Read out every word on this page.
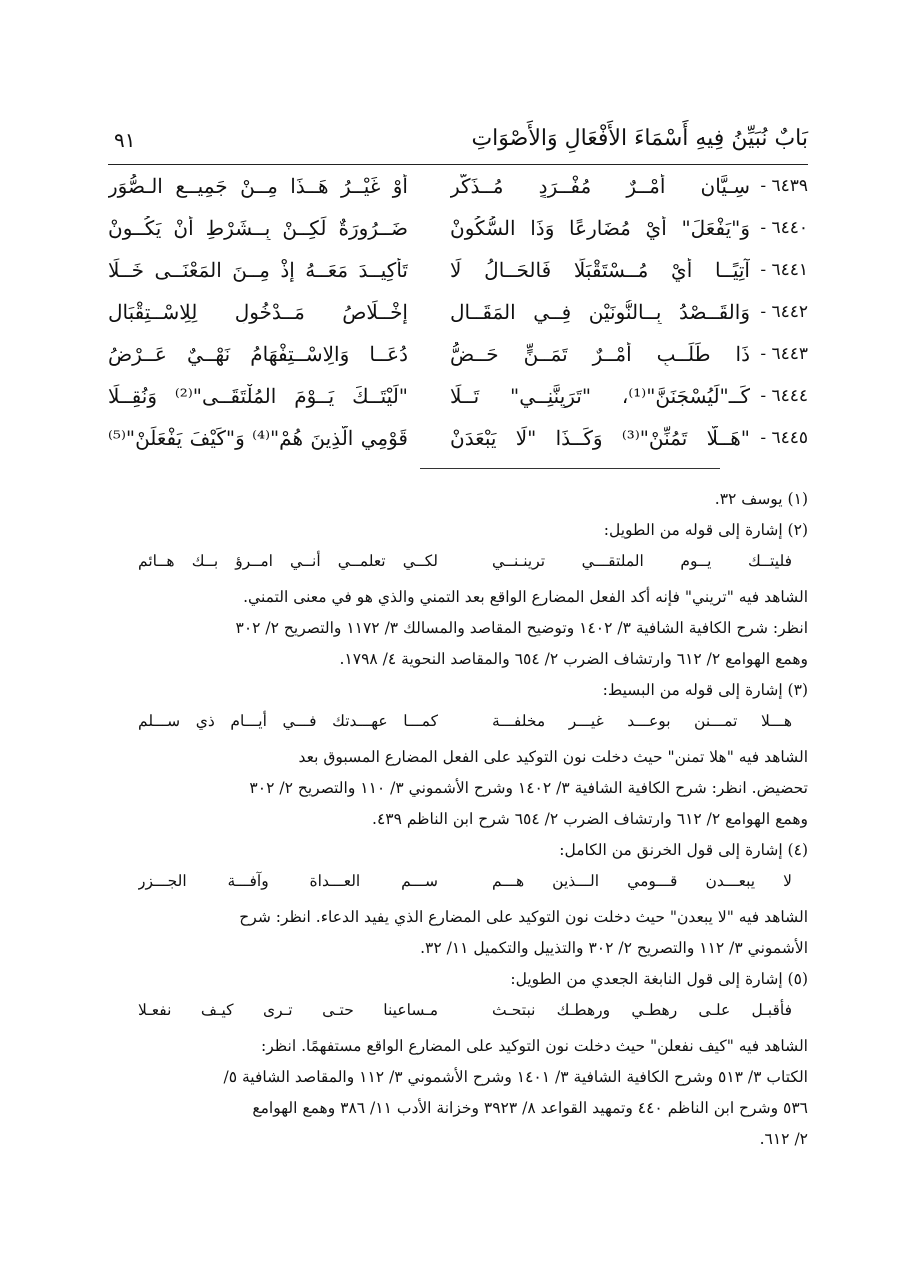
بَابٌ نُبَيِّنُ فِيهِ أَسْمَاءَ الأَفْعَالِ وَالأَصْوَاتِ
٩١
٦٤٣٩ -
سِـيَّانِ أَمْــرٌ مُفْــرَدٍ مُــذَكَّرِ
أَوْ غَيْــرُ هَــذَا مِــنْ جَمِيــعِ الـصُّوَرِ
٦٤٤٠ -
وَ"يَفْعَلَ" أَيْ مُضَارِعًا وَذَا السُّكُونْ
ضَــرُورَةٌ لَكِــنْ بِــشَرْطِ أَنْ يَكُــونْ
٦٤٤١ -
آتِيًــا أَيْ مُــسْتَقْبَلًا فَالحَــالُ لَا
تَأْكِيــدَ مَعَــهُ إِذْ مِــنَ المَعْنَــى خَــلَا
٦٤٤٢ -
وَالقَــصْدُ بِــالنُّونَيْنِ فِــي المَقَــالِ
إِخْــلَاصُ مَــدْخُولٍ لِلِاسْــتِقْبَالِ
٦٤٤٣ -
ذَا طَلَــبٍ أَمْــرٌ تَمَــنٍّ حَــضُّ
دُعَــا وَالِاسْــتِفْهَامُ نَهْــيٌ عَــرْضُ
٦٤٤٤ -
كَــ"لَيُسْجَنَنَّ"⁽¹⁾، "تَرَيِنَّنِــي" تَــلَا
"لَيْتَــكَ يَــوْمَ المُلْتَقَــى"⁽²⁾ وَنُقِــلَا
٦٤٤٥ -
"هَــلَّا تَمُنِّنْ"⁽³⁾ وَكَــذَا "لَا يَبْعَدَنْ
قَوْمِي الَّذِينَ هُمْ"⁽⁴⁾ وَ"كَيْفَ يَفْعَلَنْ"⁽⁵⁾
(١) يوسف ٣٢.
(٢) إشارة إلى قوله من الطويل:
فليتــك يــوم الملتقـــي ترينـنــي
لكــي تعلمــي أنــي امــرؤ بــك هــائم
الشاهد فيه "تريني" فإنه أكد الفعل المضارع الواقع بعد التمني والذي هو في معنى التمني.
انظر: شرح الكافية الشافية ٣/ ١٤٠٢ وتوضيح المقاصد والمسالك ٣/ ١١٧٢ والتصريح ٢/ ٣٠٢
وهمع الهوامع ٢/ ٦١٢ وارتشاف الضرب ٢/ ٦٥٤ والمقاصد النحوية ٤/ ١٧٩٨.
(٣) إشارة إلى قوله من البسيط:
هـــلا تمـــنن بوعـــد غيـــر مخلفـــة
كمـــا عهـــدتك فـــي أيـــام ذي ســـلم
الشاهد فيه "هلا تمنن" حيث دخلت نون التوكيد على الفعل المضارع المسبوق بعد
تحضيض. انظر: شرح الكافية الشافية ٣/ ١٤٠٢ وشرح الأشموني ٣/ ١١٠ والتصريح ٢/ ٣٠٢
وهمع الهوامع ٢/ ٦١٢ وارتشاف الضرب ٢/ ٦٥٤ شرح ابن الناظم ٤٣٩.
(٤) إشارة إلى قول الخرنق من الكامل:
لا يبعـــدن قـــومي الـــذين هـــم
ســـم العـــداة وآفـــة الجـــزر
الشاهد فيه "لا يبعدن" حيث دخلت نون التوكيد على المضارع الذي يفيد الدعاء. انظر: شرح
الأشموني ٣/ ١١٢ والتصريح ٢/ ٣٠٢ والتذييل والتكميل ١١/ ٣٢.
(٥) إشارة إلى قول النابغة الجعدي من الطويل:
فأقبـل علـى رهطـي ورهطـك نبتحـث
مـساعينا حتـى تـرى كيـف نفعـلا
الشاهد فيه "كيف نفعلن" حيث دخلت نون التوكيد على المضارع الواقع مستفهمًا. انظر:
الكتاب ٣/ ٥١٣ وشرح الكافية الشافية ٣/ ١٤٠١ وشرح الأشموني ٣/ ١١٢ والمقاصد الشافية ٥/
٥٣٦ وشرح ابن الناظم ٤٤٠ وتمهيد القواعد ٨/ ٣٩٢٣ وخزانة الأدب ١١/ ٣٨٦ وهمع الهوامع
٢/ ٦١٢.
